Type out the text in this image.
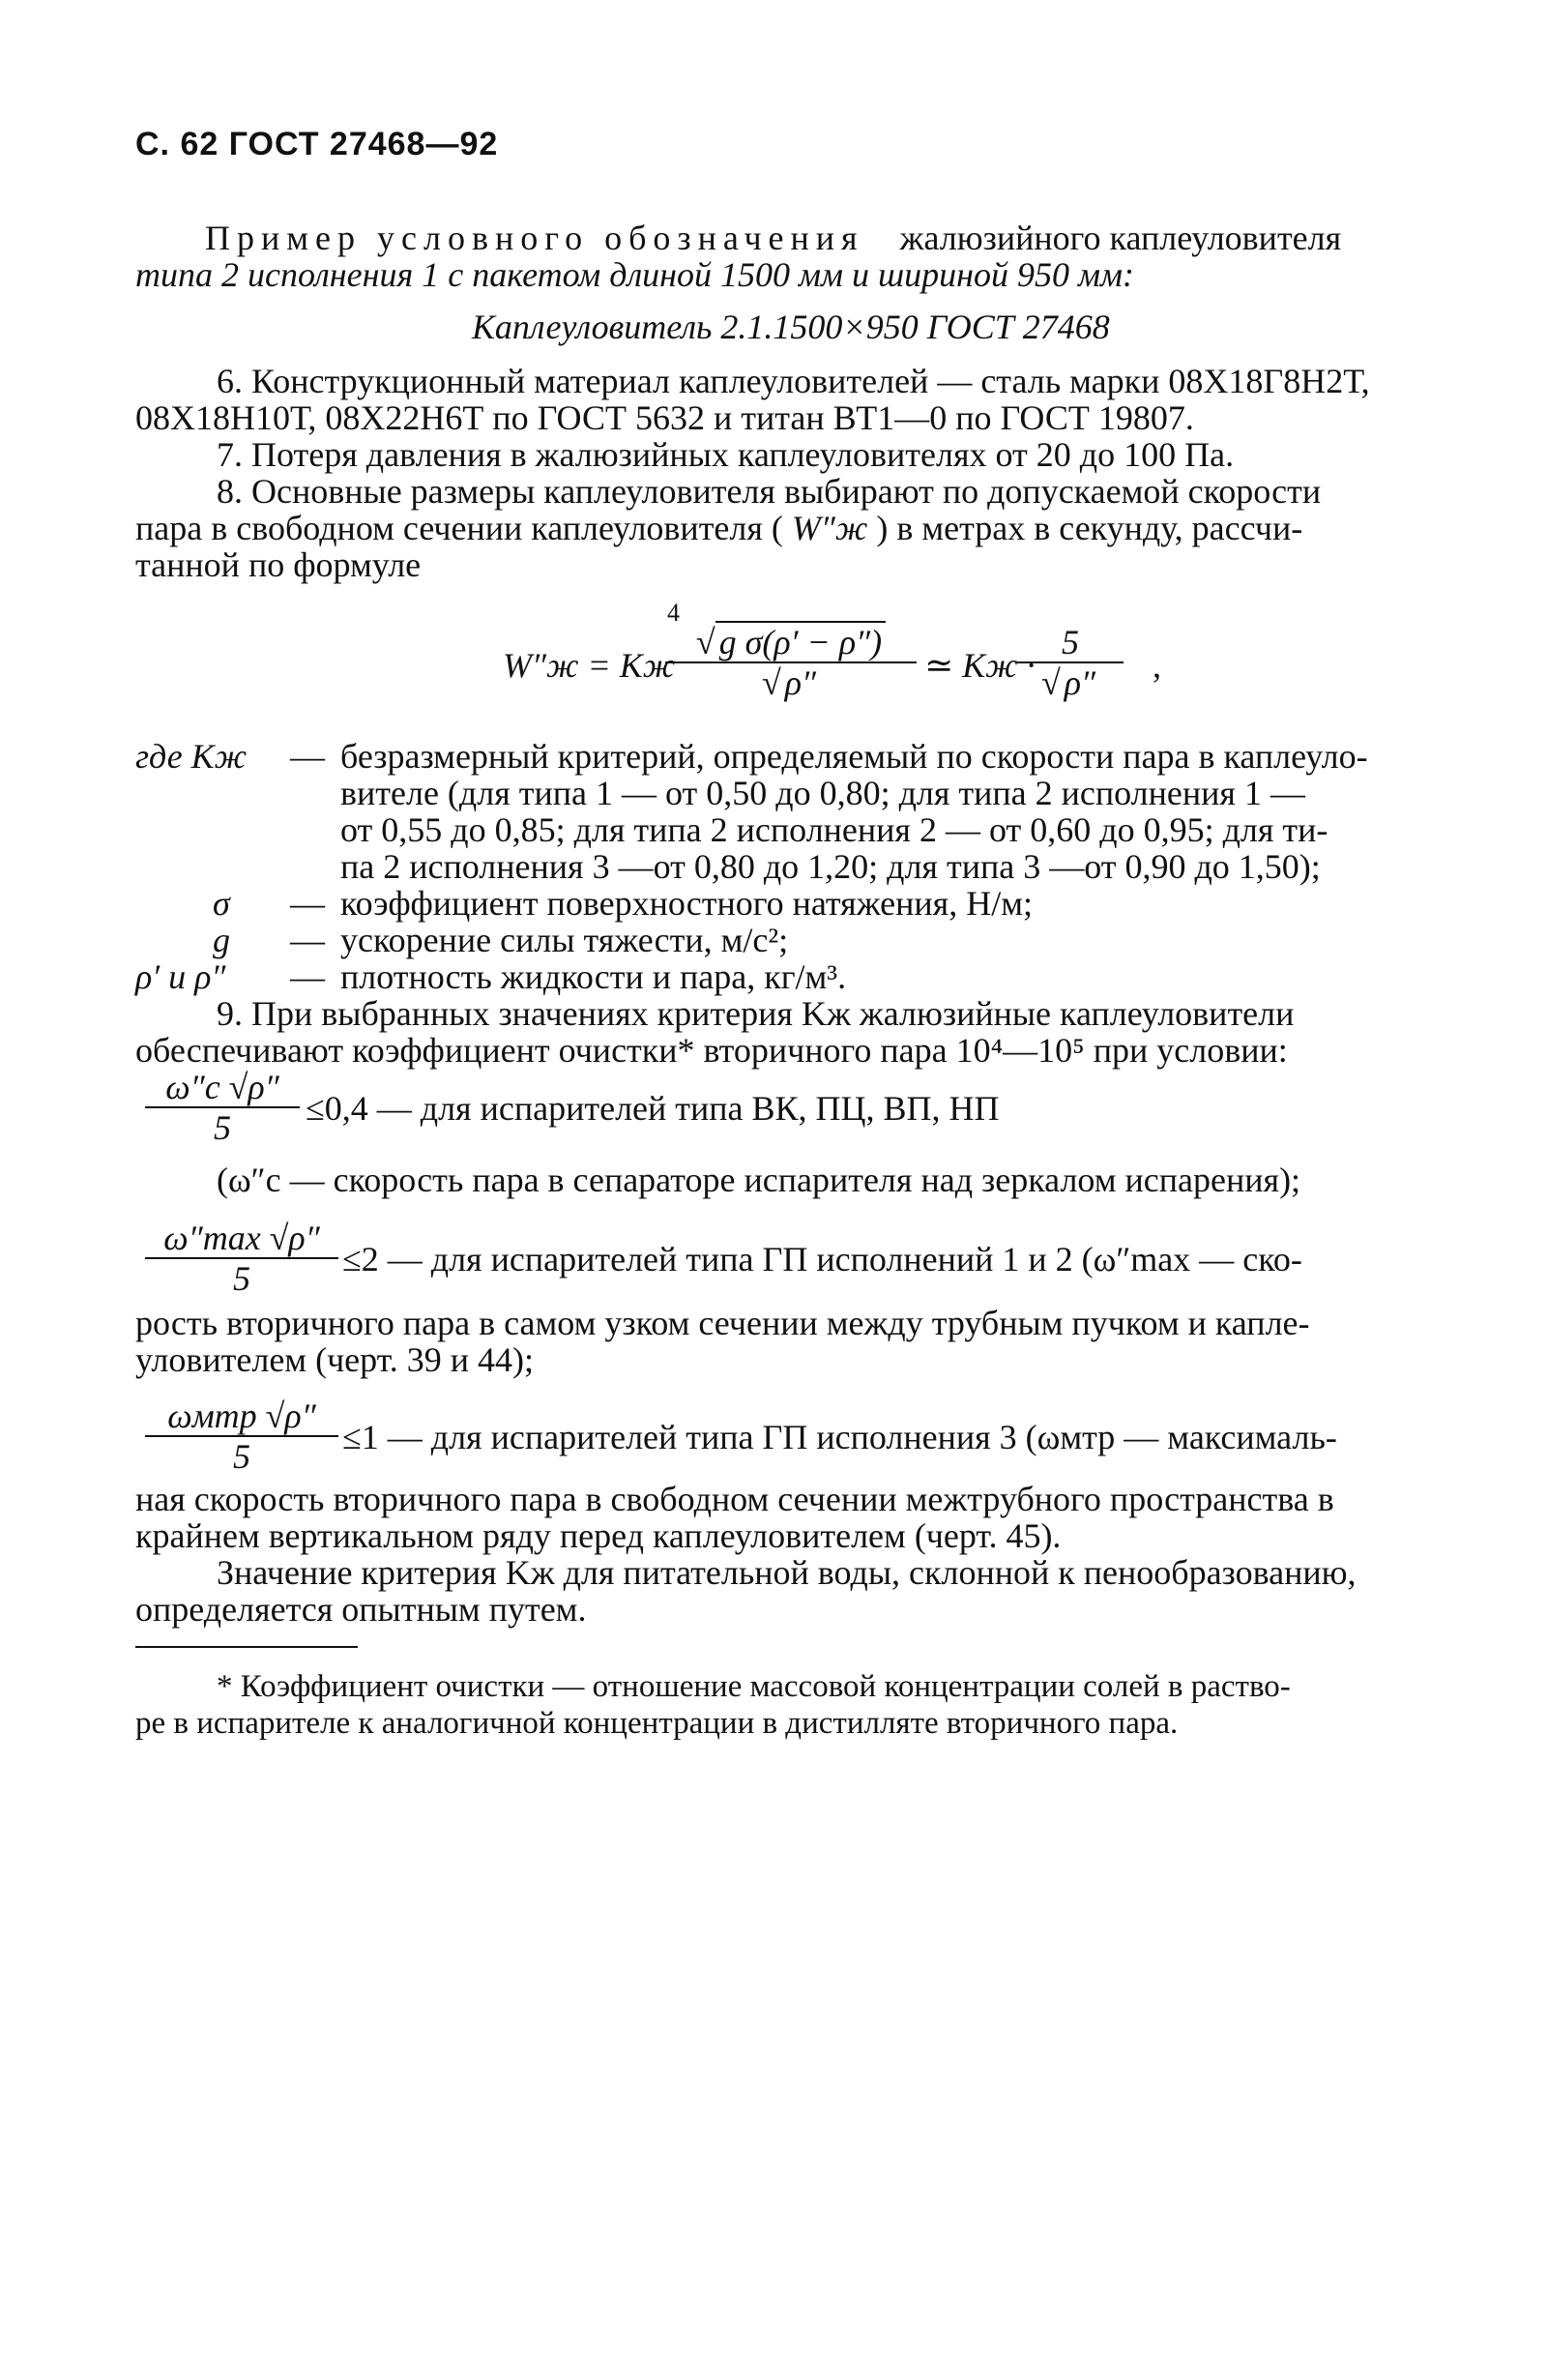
С. 62 ГОСТ 27468—92
Пример условного обозначения жалюзийного каплеуловителя
типа 2 исполнения 1 с пакетом длиной 1500 мм и шириной 950 мм:
Каплеуловитель 2.1.1500×950 ГОСТ 27468
6. Конструкционный материал каплеуловителей — сталь марки 08Х18Г8Н2Т,
08Х18Н10Т, 08Х22Н6Т по ГОСТ 5632 и титан ВТ1—0 по ГОСТ 19807.
7. Потеря давления в жалюзийных каплеуловителях от 20 до 100 Па.
8. Основные размеры каплеуловителя выбирают по допускаемой скорости
пара в свободном сечении каплеуловителя ( W″ж ) в метрах в секунду, рассчи-
танной по формуле
W″ж = Kж
4
$\frac{\text{√ g σ(ρ′ − ρ″)}}{√ \rho''}$ ≃ Kж ·
$\frac{5}{√ \rho''}$ ,
где Kж — безразмерный критерий, определяемый по скорости пара в каплеуло-
вителе (для типа 1 — от 0,50 до 0,80; для типа 2 исполнения 1 —
от 0,55 до 0,85; для типа 2 исполнения 2 — от 0,60 до 0,95; для ти-
па 2 исполнения 3 —от 0,80 до 1,20; для типа 3 —от 0,90 до 1,50);
σ — коэффициент поверхностного натяжения, Н/м;
g — ускорение силы тяжести, м/с²;
ρ′ и ρ″ — плотность жидкости и пара, кг/м³.
9. При выбранных значениях критерия Kж жалюзийные каплеуловители
обеспечивают коэффициент очистки* вторичного пара 10⁴—10⁵ при условии:
ω″с √ρ″
5	≤0,4 — для испарителей типа ВК, ПЦ, ВП, НП
(ω″с — скорость пара в сепараторе испарителя над зеркалом испарения);
ω″max √ρ″
5	≤2 — для испарителей типа ГП исполнений 1 и 2 (ω″max — ско-
рость вторичного пара в самом узком сечении между трубным пучком и капле-
уловителем (черт. 39 и 44);
ωмтр √ρ″
5	≤1 — для испарителей типа ГП исполнения 3 (ωмтр — максималь-
ная скорость вторичного пара в свободном сечении межтрубного пространства в
крайнем вертикальном ряду перед каплеуловителем (черт. 45).
Значение критерия Kж для питательной воды, склонной к пенообразованию,
определяется опытным путем.
* Коэффициент очистки — отношение массовой концентрации солей в раство-
ре в испарителе к аналогичной концентрации в дистилляте вторичного пара.
